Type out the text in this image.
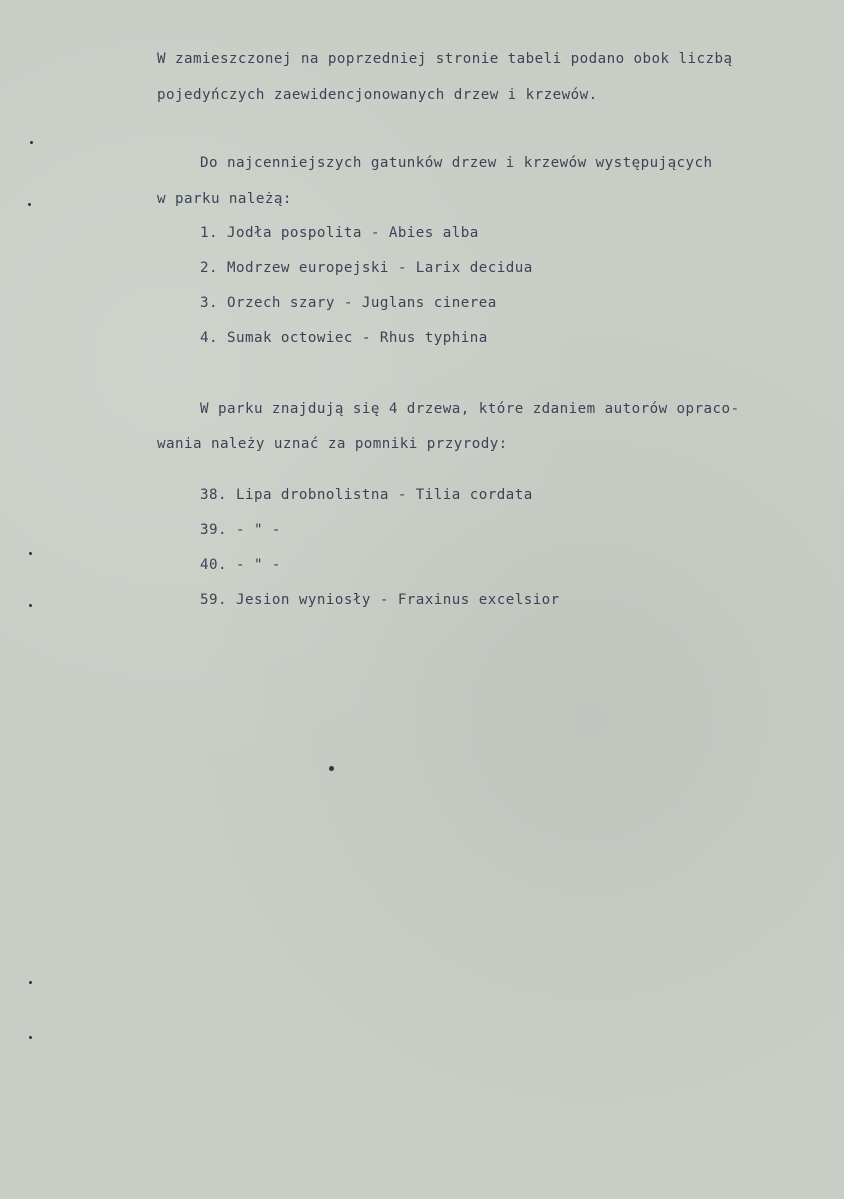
W zamieszczonej na poprzedniej stronie tabeli podano obok liczbą
pojedyńczych zaewidencjonowanych drzew i krzewów.
Do najcenniejszych gatunków drzew i krzewów występujących
w parku należą:
1. Jodła pospolita - Abies alba
2. Modrzew europejski - Larix decidua
3. Orzech szary - Juglans cinerea
4. Sumak octowiec - Rhus typhina
W parku znajdują się 4 drzewa, które zdaniem autorów opraco-
wania należy uznać za pomniki przyrody:
38. Lipa drobnolistna - Tilia cordata
39. - " -
40. - " -
59. Jesion wyniosły - Fraxinus excelsior
